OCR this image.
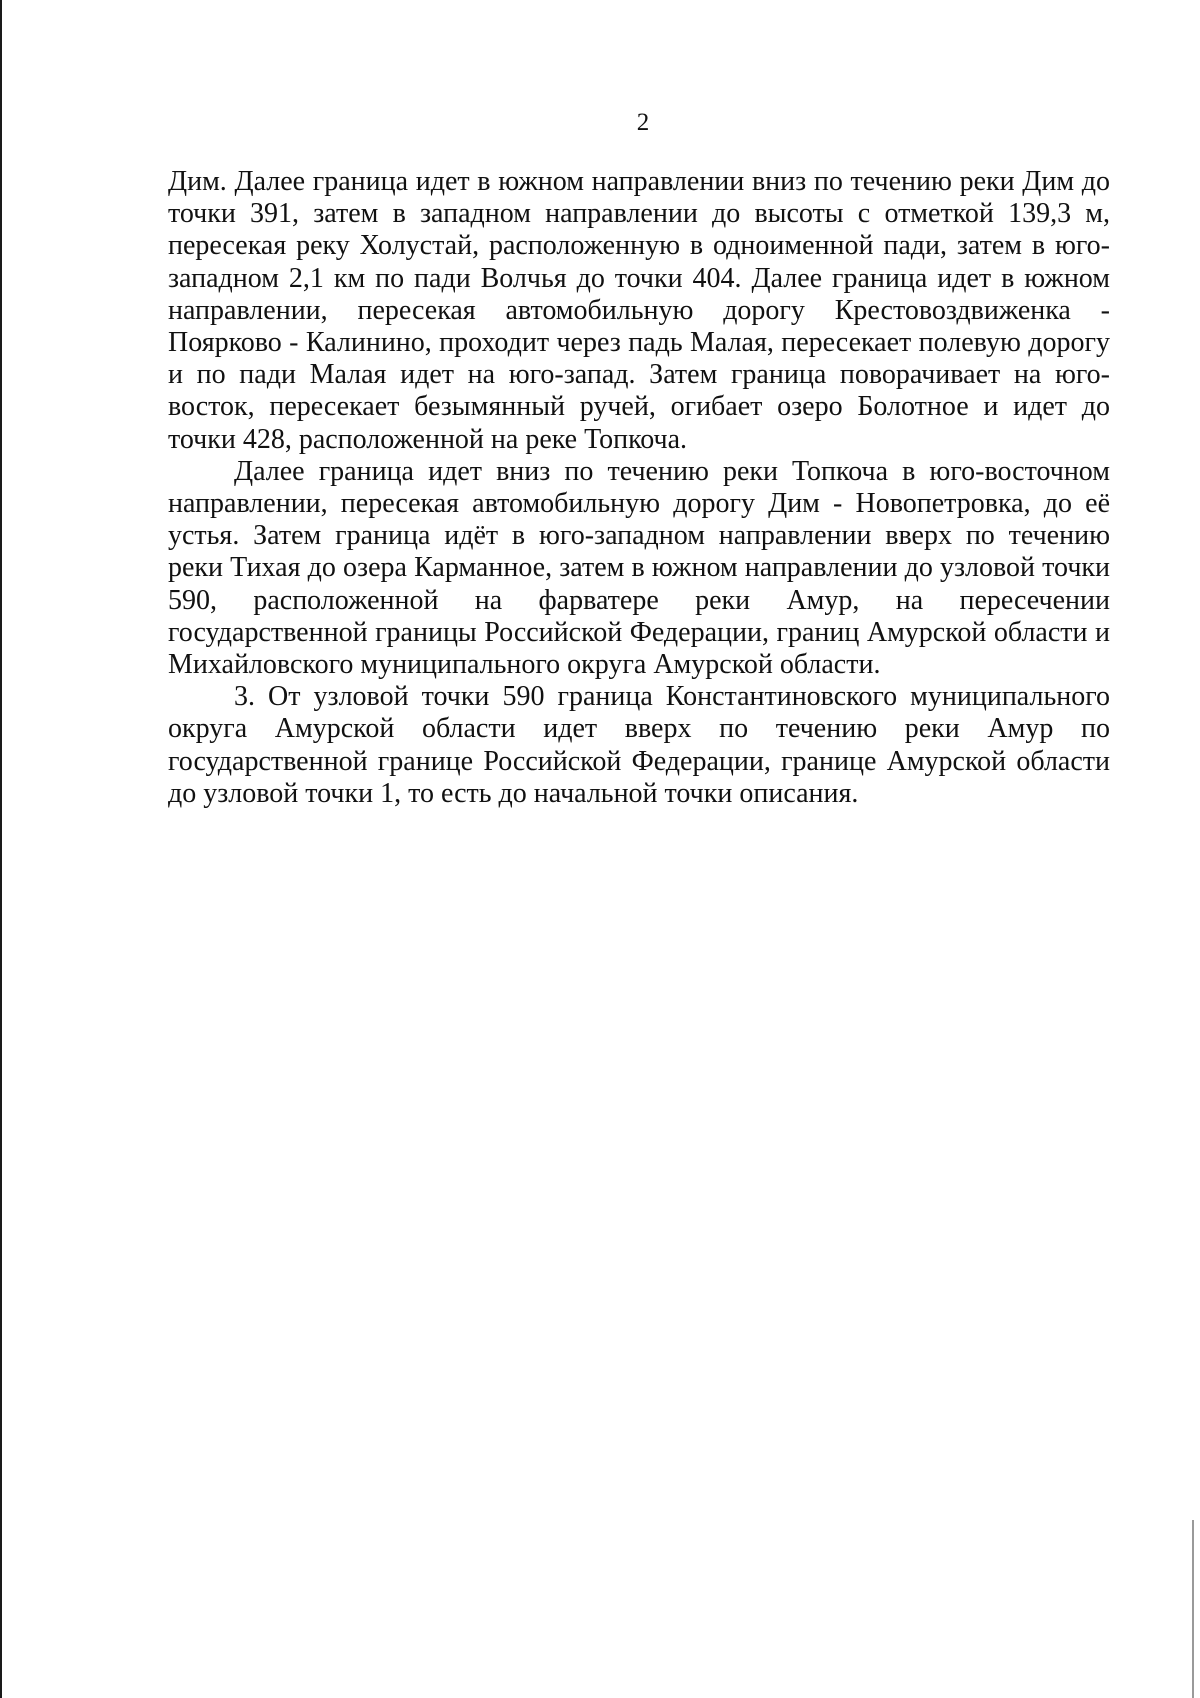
2

Дим. Далее граница идет в южном направлении вниз по течению реки Дим до точки 391, затем в западном направлении до высоты с отметкой 139,3 м, пересекая реку Холустай, расположенную в одноименной пади, затем в юго-западном 2,1 км по пади Волчья до точки 404. Далее граница идет в южном направлении, пересекая автомобильную дорогу Крестовоздвиженка - Поярково - Калинино, проходит через падь Малая, пересекает полевую дорогу и по пади Малая идет на юго-запад. Затем граница поворачивает на юго-восток, пересекает безымянный ручей, огибает озеро Болотное и идет до точки 428, расположенной на реке Топкоча.

Далее граница идет вниз по течению реки Топкоча в юго-восточном направлении, пересекая автомобильную дорогу Дим - Новопетровка, до её устья. Затем граница идёт в юго-западном направлении вверх по течению реки Тихая до озера Карманное, затем в южном направлении до узловой точки 590, расположенной на фарватере реки Амур, на пересечении государственной границы Российской Федерации, границ Амурской области и Михайловского муниципального округа Амурской области.

3. От узловой точки 590 граница Константиновского муниципального округа Амурской области идет вверх по течению реки Амур по государственной границе Российской Федерации, границе Амурской области до узловой точки 1, то есть до начальной точки описания.
